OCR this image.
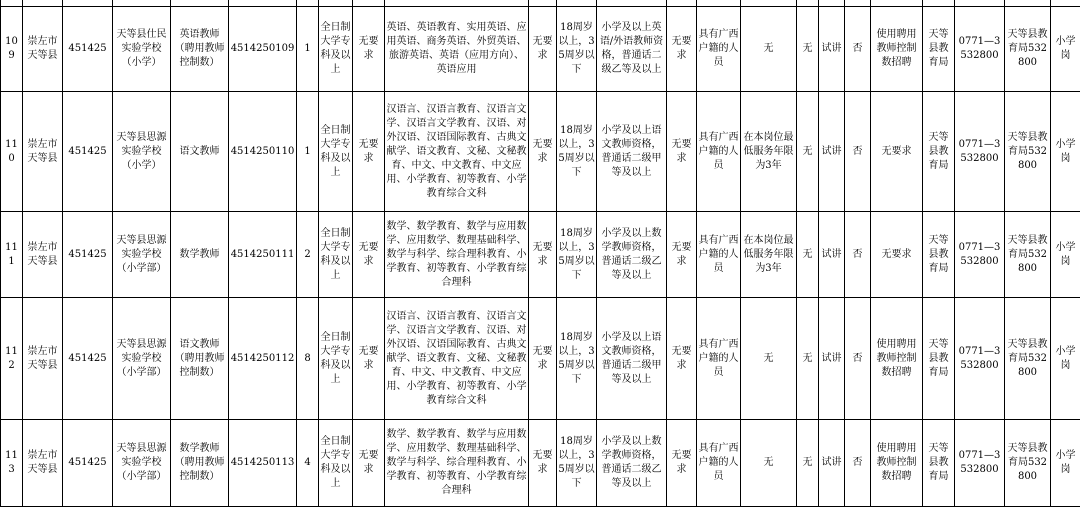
109	崇左市天等县	451425	天等县仕民实验学校（小学）	英语教师（聘用教师控制数）	4514250109	1	全日制大学专科及以上	无要求	英语、英语教育、实用英语、应用英语、商务英语、外贸英语、旅游英语、英语（应用方向）、英语应用	无要求	18周岁以上，35周岁以下	小学及以上英语/外语教师资格，普通话二级乙等及以上	无要求	具有广西户籍的人员	无	无	试讲	否	使用聘用教师控制数招聘	天等县教育局	0771—3532800	天等县教育局532800	小学岗
110	崇左市天等县	451425	天等县思源实验学校（小学）	语文教师	4514250110	1	全日制大学专科及以上	无要求	汉语言、汉语言教育、汉语言文学、汉语言文学教育、汉语、对外汉语、汉语国际教育、古典文献学、语文教育、文秘、文秘教育、中文、中文教育、中文应用、小学教育、初等教育、小学教育综合文科	无要求	18周岁以上，35周岁以下	小学及以上语文教师资格，普通话二级甲等及以上	无要求	具有广西户籍的人员	在本岗位最低服务年限为3年	无	试讲	否	无要求	天等县教育局	0771—3532800	天等县教育局532800	小学岗
111	崇左市天等县	451425	天等县思源实验学校（小学部）	数学教师	4514250111	2	全日制大学专科及以上	无要求	数学、数学教育、数学与应用数学、应用数学、数理基础科学、数学与科学、综合理科教育、小学教育、初等教育、小学教育综合理科	无要求	18周岁以上，35周岁以下	小学及以上数学教师资格，普通话二级乙等及以上	无要求	具有广西户籍的人员	在本岗位最低服务年限为3年	无	试讲	否	无要求	天等县教育局	0771—3532800	天等县教育局532800	小学岗
112	崇左市天等县	451425	天等县思源实验学校（小学部）	语文教师（聘用教师控制数）	4514250112	8	全日制大学专科及以上	无要求	汉语言、汉语言教育、汉语言文学、汉语言文学教育、汉语、对外汉语、汉语国际教育、古典文献学、语文教育、文秘、文秘教育、中文、中文教育、中文应用、小学教育、初等教育、小学教育综合文科	无要求	18周岁以上，35周岁以下	小学及以上语文教师资格，普通话二级甲等及以上	无要求	具有广西户籍的人员	无	无	试讲	否	使用聘用教师控制数招聘	天等县教育局	0771—3532800	天等县教育局532800	小学岗
113	崇左市天等县	451425	天等县思源实验学校（小学部）	数学教师（聘用教师控制数）	4514250113	4	全日制大学专科及以上	无要求	数学、数学教育、数学与应用数学、应用数学、数理基础科学、数学与科学、综合理科教育、小学教育、初等教育、小学教育综合理科	无要求	18周岁以上，35周岁以下	小学及以上数学教师资格，普通话二级乙等及以上	无要求	具有广西户籍的人员	无	无	试讲	否	使用聘用教师控制数招聘	天等县教育局	0771—3532800	天等县教育局532800	小学岗
